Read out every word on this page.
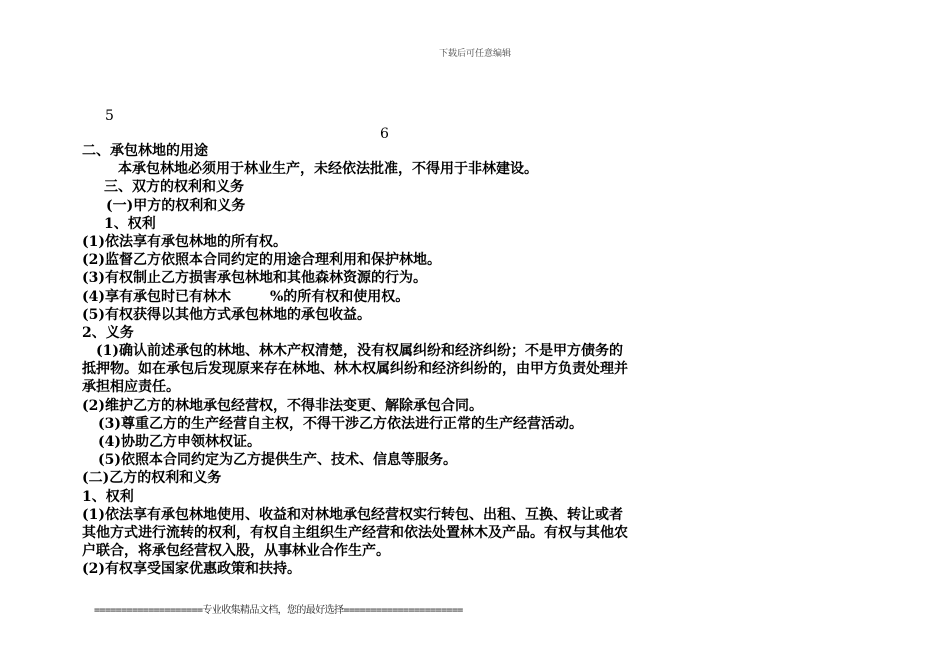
下载后可任意编辑
5
6
二、承包林地的用途
本承包林地必须用于林业生产，未经依法批准，不得用于非林建设。
三、双方的权利和义务
(一)甲方的权利和义务
1、权利
(1)依法享有承包林地的所有权。
(2)监督乙方依照本合同约定的用途合理利用和保护林地。
(3)有权制止乙方损害承包林地和其他森林资源的行为。
(4)享有承包时已有林木        %的所有权和使用权。
(5)有权获得以其他方式承包林地的承包收益。
2、义务
(1)确认前述承包的林地、林木产权清楚，没有权属纠纷和经济纠纷；不是甲方债务的
抵押物。如在承包后发现原来存在林地、林木权属纠纷和经济纠纷的，由甲方负责处理并
承担相应责任。
(2)维护乙方的林地承包经营权，不得非法变更、解除承包合同。
(3)尊重乙方的生产经营自主权，不得干涉乙方依法进行正常的生产经营活动。
(4)协助乙方申领林权证。
(5)依照本合同约定为乙方提供生产、技术、信息等服务。
(二)乙方的权利和义务
1、权利
(1)依法享有承包林地使用、收益和对林地承包经营权实行转包、出租、互换、转让或者
其他方式进行流转的权利，有权自主组织生产经营和依法处置林木及产品。有权与其他农
户联合，将承包经营权入股，从事林业合作生产。
(2)有权享受国家优惠政策和扶持。
====================专业收集精品文档，您的最好选择======================
